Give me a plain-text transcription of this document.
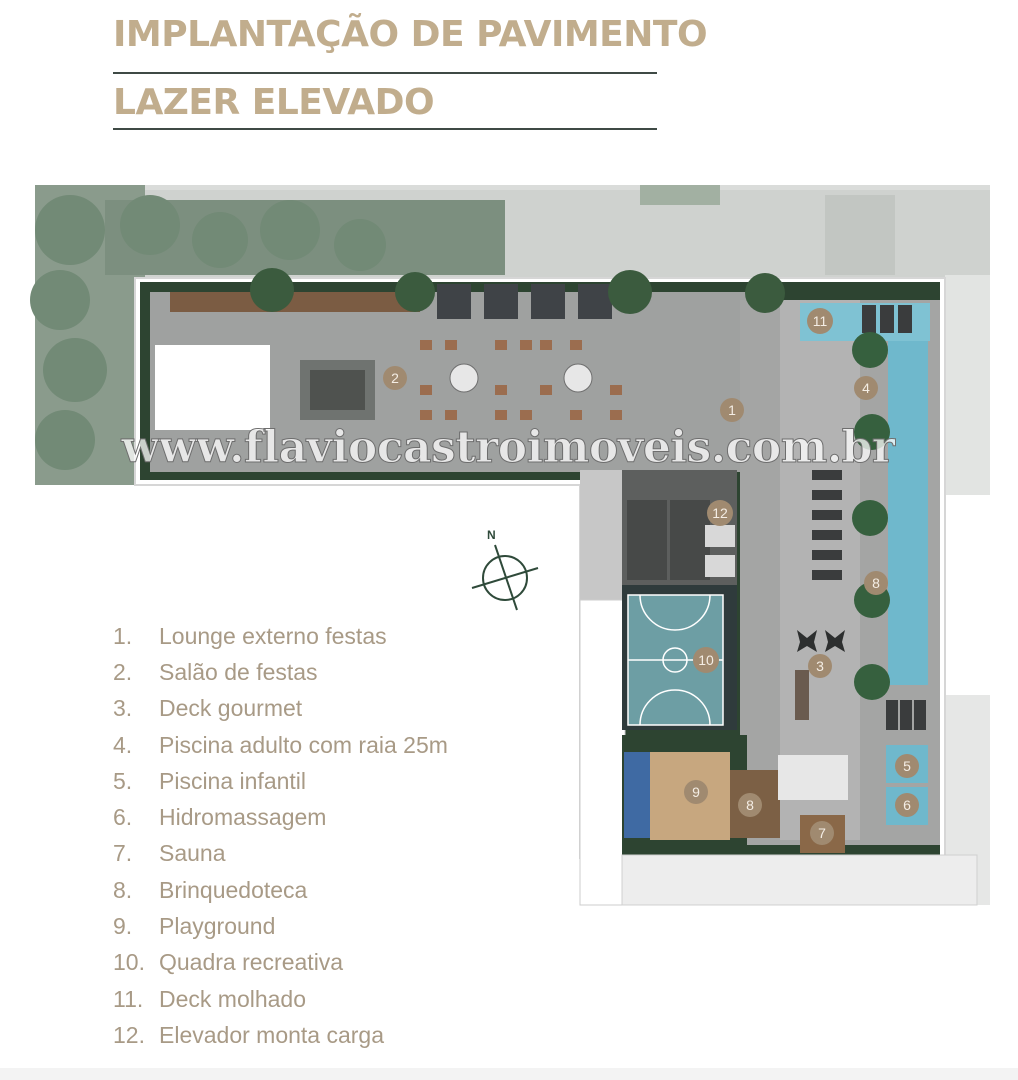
IMPLANTAÇÃO DE PAVIMENTO
LAZER ELEVADO
1
2
3
4
5
6
7
8
8
9
10
11
12
N
www.flaviocastroimoveis.com.br
1.	Lounge externo festas
2.	Salão de festas
3.	Deck gourmet
4.	Piscina adulto com raia 25m
5.	Piscina infantil
6.	Hidromassagem
7.	Sauna
8.	Brinquedoteca
9.	Playground
10. Quadra recreativa
11. Deck molhado
12. Elevador monta carga
